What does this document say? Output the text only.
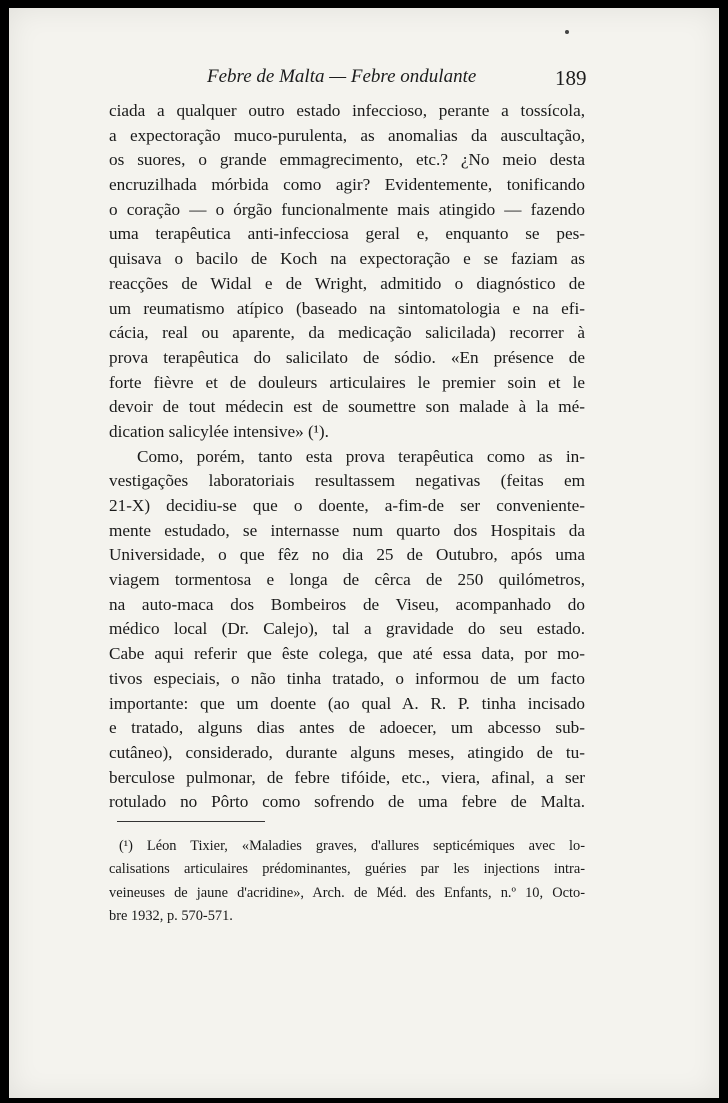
Febre de Malta — Febre ondulante	189
ciada a qualquer outro estado infeccioso, perante a tossícola,
a expectoração muco-purulenta, as anomalias da auscultação,
os suores, o grande emmagrecimento, etc.? ¿No meio desta
encruzilhada mórbida como agir? Evidentemente, tonificando
o coração — o órgão funcionalmente mais atingido — fazendo
uma terapêutica anti-infecciosa geral e, enquanto se pes-
quisava o bacilo de Koch na expectoração e se faziam as
reacções de Widal e de Wright, admitido o diagnóstico de
um reumatismo atípico (baseado na sintomatologia e na efi-
cácia, real ou aparente, da medicação salicilada) recorrer à
prova terapêutica do salicilato de sódio. «En présence de
forte fièvre et de douleurs articulaires le premier soin et le
devoir de tout médecin est de soumettre son malade à la mé-
dication salicylée intensive» (¹).
Como, porém, tanto esta prova terapêutica como as in-
vestigações laboratoriais resultassem negativas (feitas em
21-X) decidiu-se que o doente, a-fim-de ser conveniente-
mente estudado, se internasse num quarto dos Hospitais da
Universidade, o que fêz no dia 25 de Outubro, após uma
viagem tormentosa e longa de cêrca de 250 quilómetros,
na auto-maca dos Bombeiros de Viseu, acompanhado do
médico local (Dr. Calejo), tal a gravidade do seu estado.
Cabe aqui referir que êste colega, que até essa data, por mo-
tivos especiais, o não tinha tratado, o informou de um facto
importante: que um doente (ao qual A. R. P. tinha incisado
e tratado, alguns dias antes de adoecer, um abcesso sub-
cutâneo), considerado, durante alguns meses, atingido de tu-
berculose pulmonar, de febre tifóide, etc., viera, afinal, a ser
rotulado no Pôrto como sofrendo de uma febre de Malta.
(¹) Léon Tixier, «Maladies graves, d'allures septicémiques avec lo-
calisations articulaires prédominantes, guéries par les injections intra-
veineuses de jaune d'acridine», Arch. de Méd. des Enfants, n.º 10, Octo-
bre 1932, p. 570-571.
